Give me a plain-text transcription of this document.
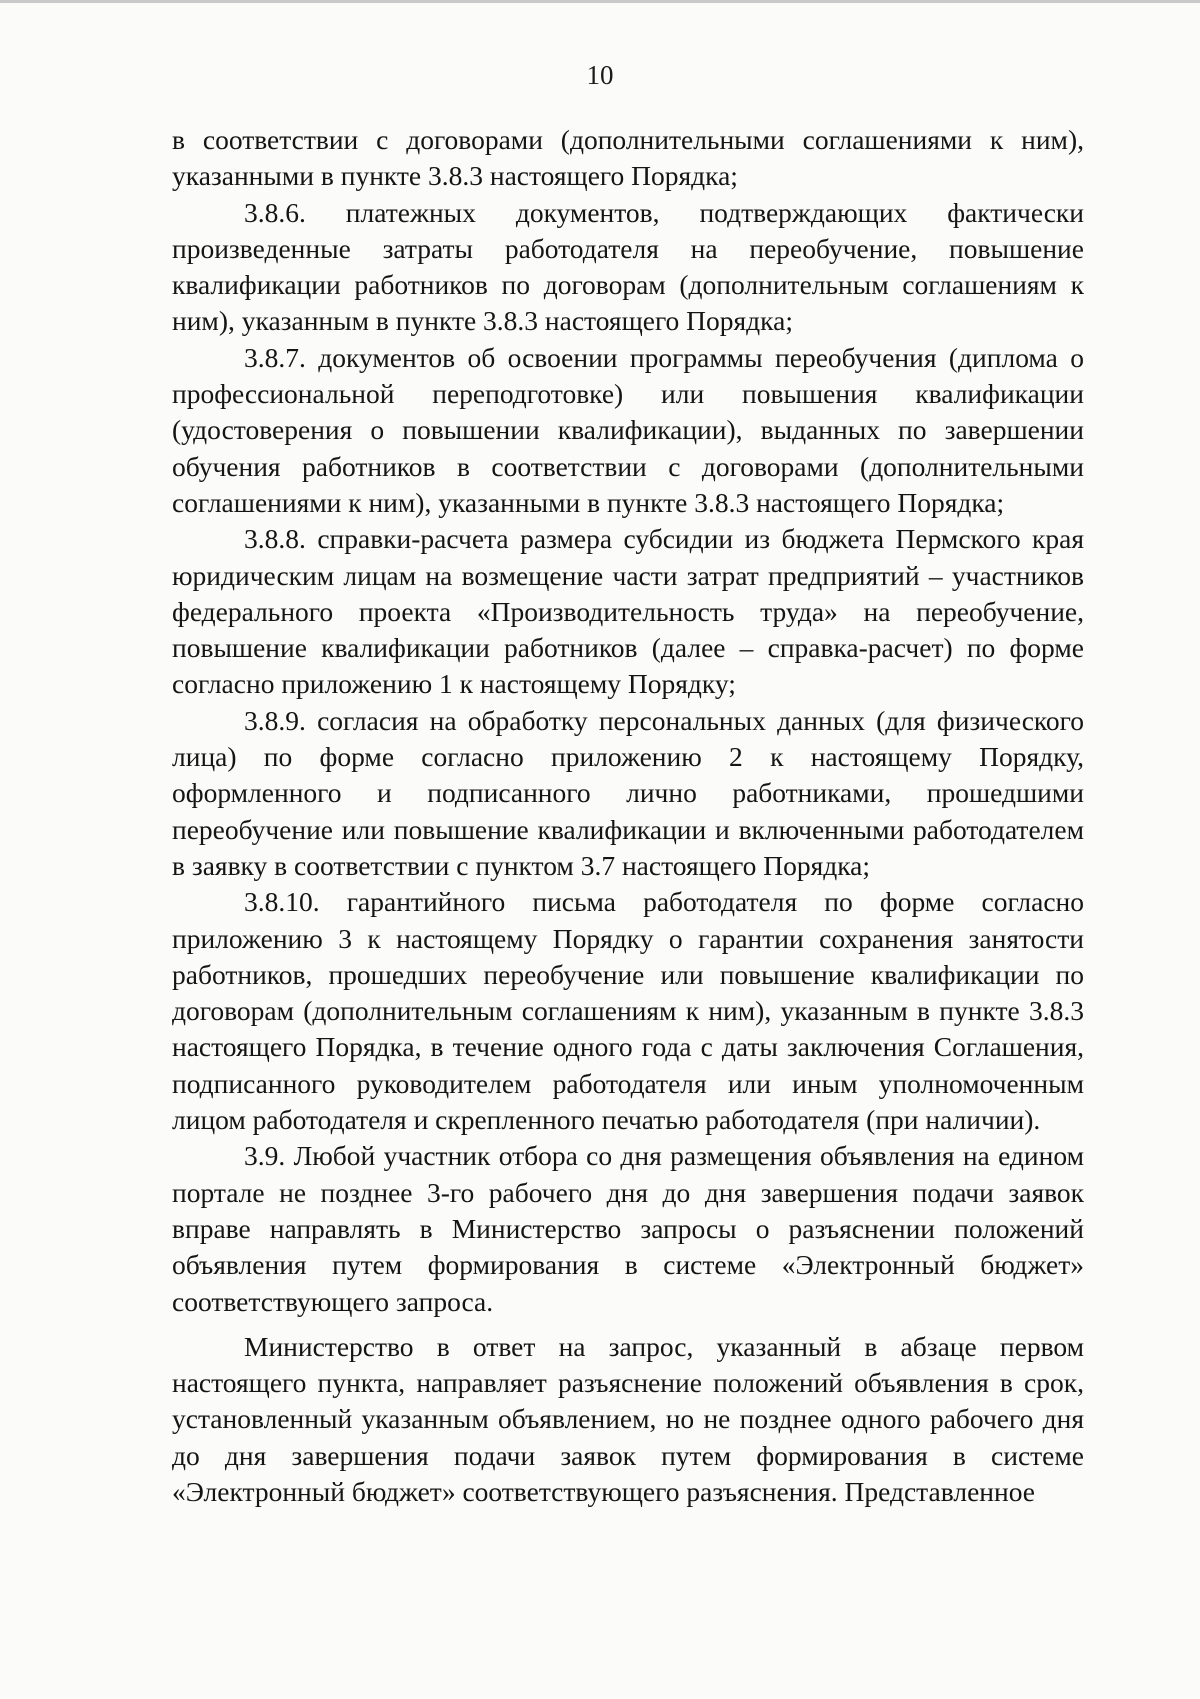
10

в соответствии с договорами (дополнительными соглашениями к ним), указанными в пункте 3.8.3 настоящего Порядка;

3.8.6. платежных документов, подтверждающих фактически произведенные затраты работодателя на переобучение, повышение квалификации работников по договорам (дополнительным соглашениям к ним), указанным в пункте 3.8.3 настоящего Порядка;

3.8.7. документов об освоении программы переобучения (диплома о профессиональной переподготовке) или повышения квалификации (удостоверения о повышении квалификации), выданных по завершении обучения работников в соответствии с договорами (дополнительными соглашениями к ним), указанными в пункте 3.8.3 настоящего Порядка;

3.8.8. справки-расчета размера субсидии из бюджета Пермского края юридическим лицам на возмещение части затрат предприятий – участников федерального проекта «Производительность труда» на переобучение, повышение квалификации работников (далее – справка-расчет) по форме согласно приложению 1 к настоящему Порядку;

3.8.9. согласия на обработку персональных данных (для физического лица) по форме согласно приложению 2 к настоящему Порядку, оформленного и подписанного лично работниками, прошедшими переобучение или повышение квалификации и включенными работодателем в заявку в соответствии с пунктом 3.7 настоящего Порядка;

3.8.10. гарантийного письма работодателя по форме согласно приложению 3 к настоящему Порядку о гарантии сохранения занятости работников, прошедших переобучение или повышение квалификации по договорам (дополнительным соглашениям к ним), указанным в пункте 3.8.3 настоящего Порядка, в течение одного года с даты заключения Соглашения, подписанного руководителем работодателя или иным уполномоченным лицом работодателя и скрепленного печатью работодателя (при наличии).

3.9. Любой участник отбора со дня размещения объявления на едином портале не позднее 3-го рабочего дня до дня завершения подачи заявок вправе направлять в Министерство запросы о разъяснении положений объявления путем формирования в системе «Электронный бюджет» соответствующего запроса.

Министерство в ответ на запрос, указанный в абзаце первом настоящего пункта, направляет разъяснение положений объявления в срок, установленный указанным объявлением, но не позднее одного рабочего дня до дня завершения подачи заявок путем формирования в системе «Электронный бюджет» соответствующего разъяснения. Представленное
